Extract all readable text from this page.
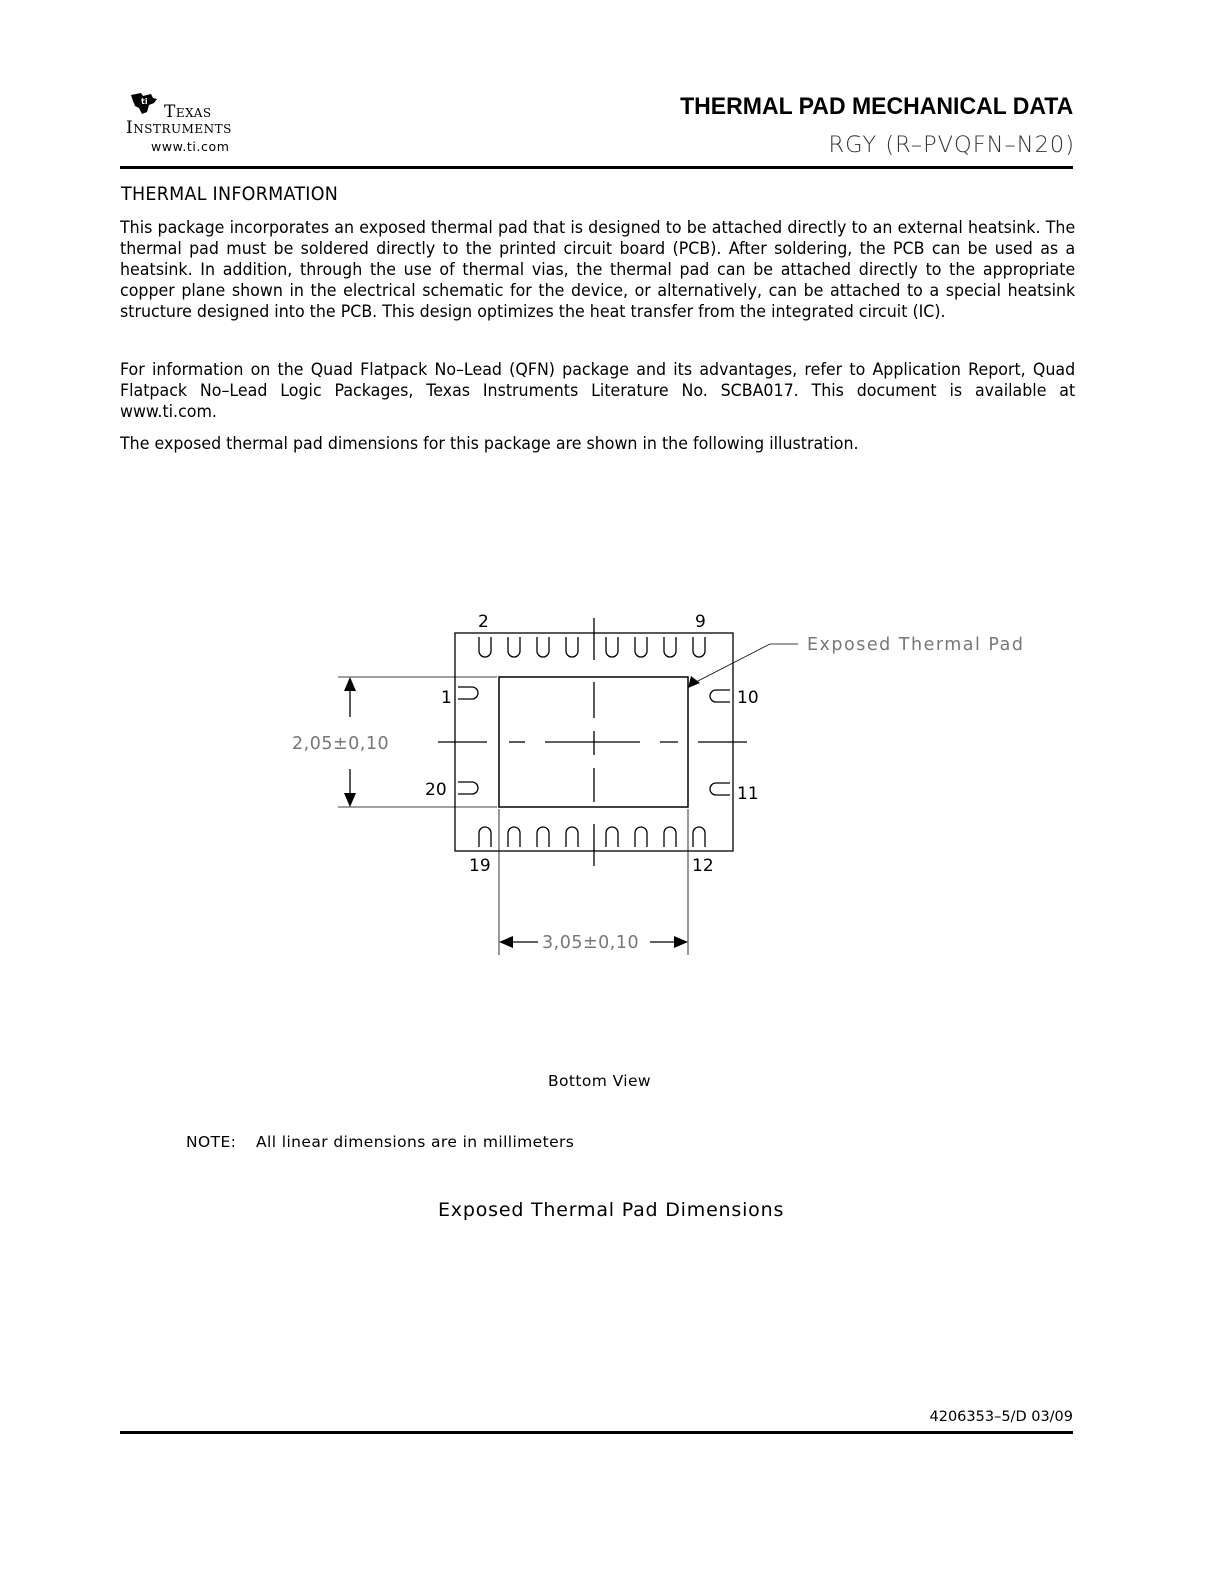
ti
Texas
Instruments
www.ti.com
THERMAL PAD MECHANICAL DATA
RGY (R–PVQFN–N20)
THERMAL INFORMATION
This package incorporates an exposed thermal pad that is designed to be attached directly to an external heatsink. The thermal pad must be soldered directly to the printed circuit board (PCB). After soldering, the PCB can be used as a heatsink. In addition, through the use of thermal vias, the thermal pad can be attached directly to the appropriate copper plane shown in the electrical schematic for the device, or alternatively, can be attached to a special heatsink structure designed into the PCB. This design optimizes the heat transfer from the integrated circuit (IC).
For information on the Quad Flatpack No–Lead (QFN) package and its advantages, refer to Application Report, Quad Flatpack No–Lead Logic Packages, Texas Instruments Literature No. SCBA017. This document is available at www.ti.com.
The exposed thermal pad dimensions for this package are shown in the following illustration.
2	9
1
20
10
11
19	12
Exposed Thermal Pad
2,05±0,10
3,05±0,10
Bottom View
NOTE: All linear dimensions are in millimeters
Exposed Thermal Pad Dimensions
4206353–5/D 03/09
